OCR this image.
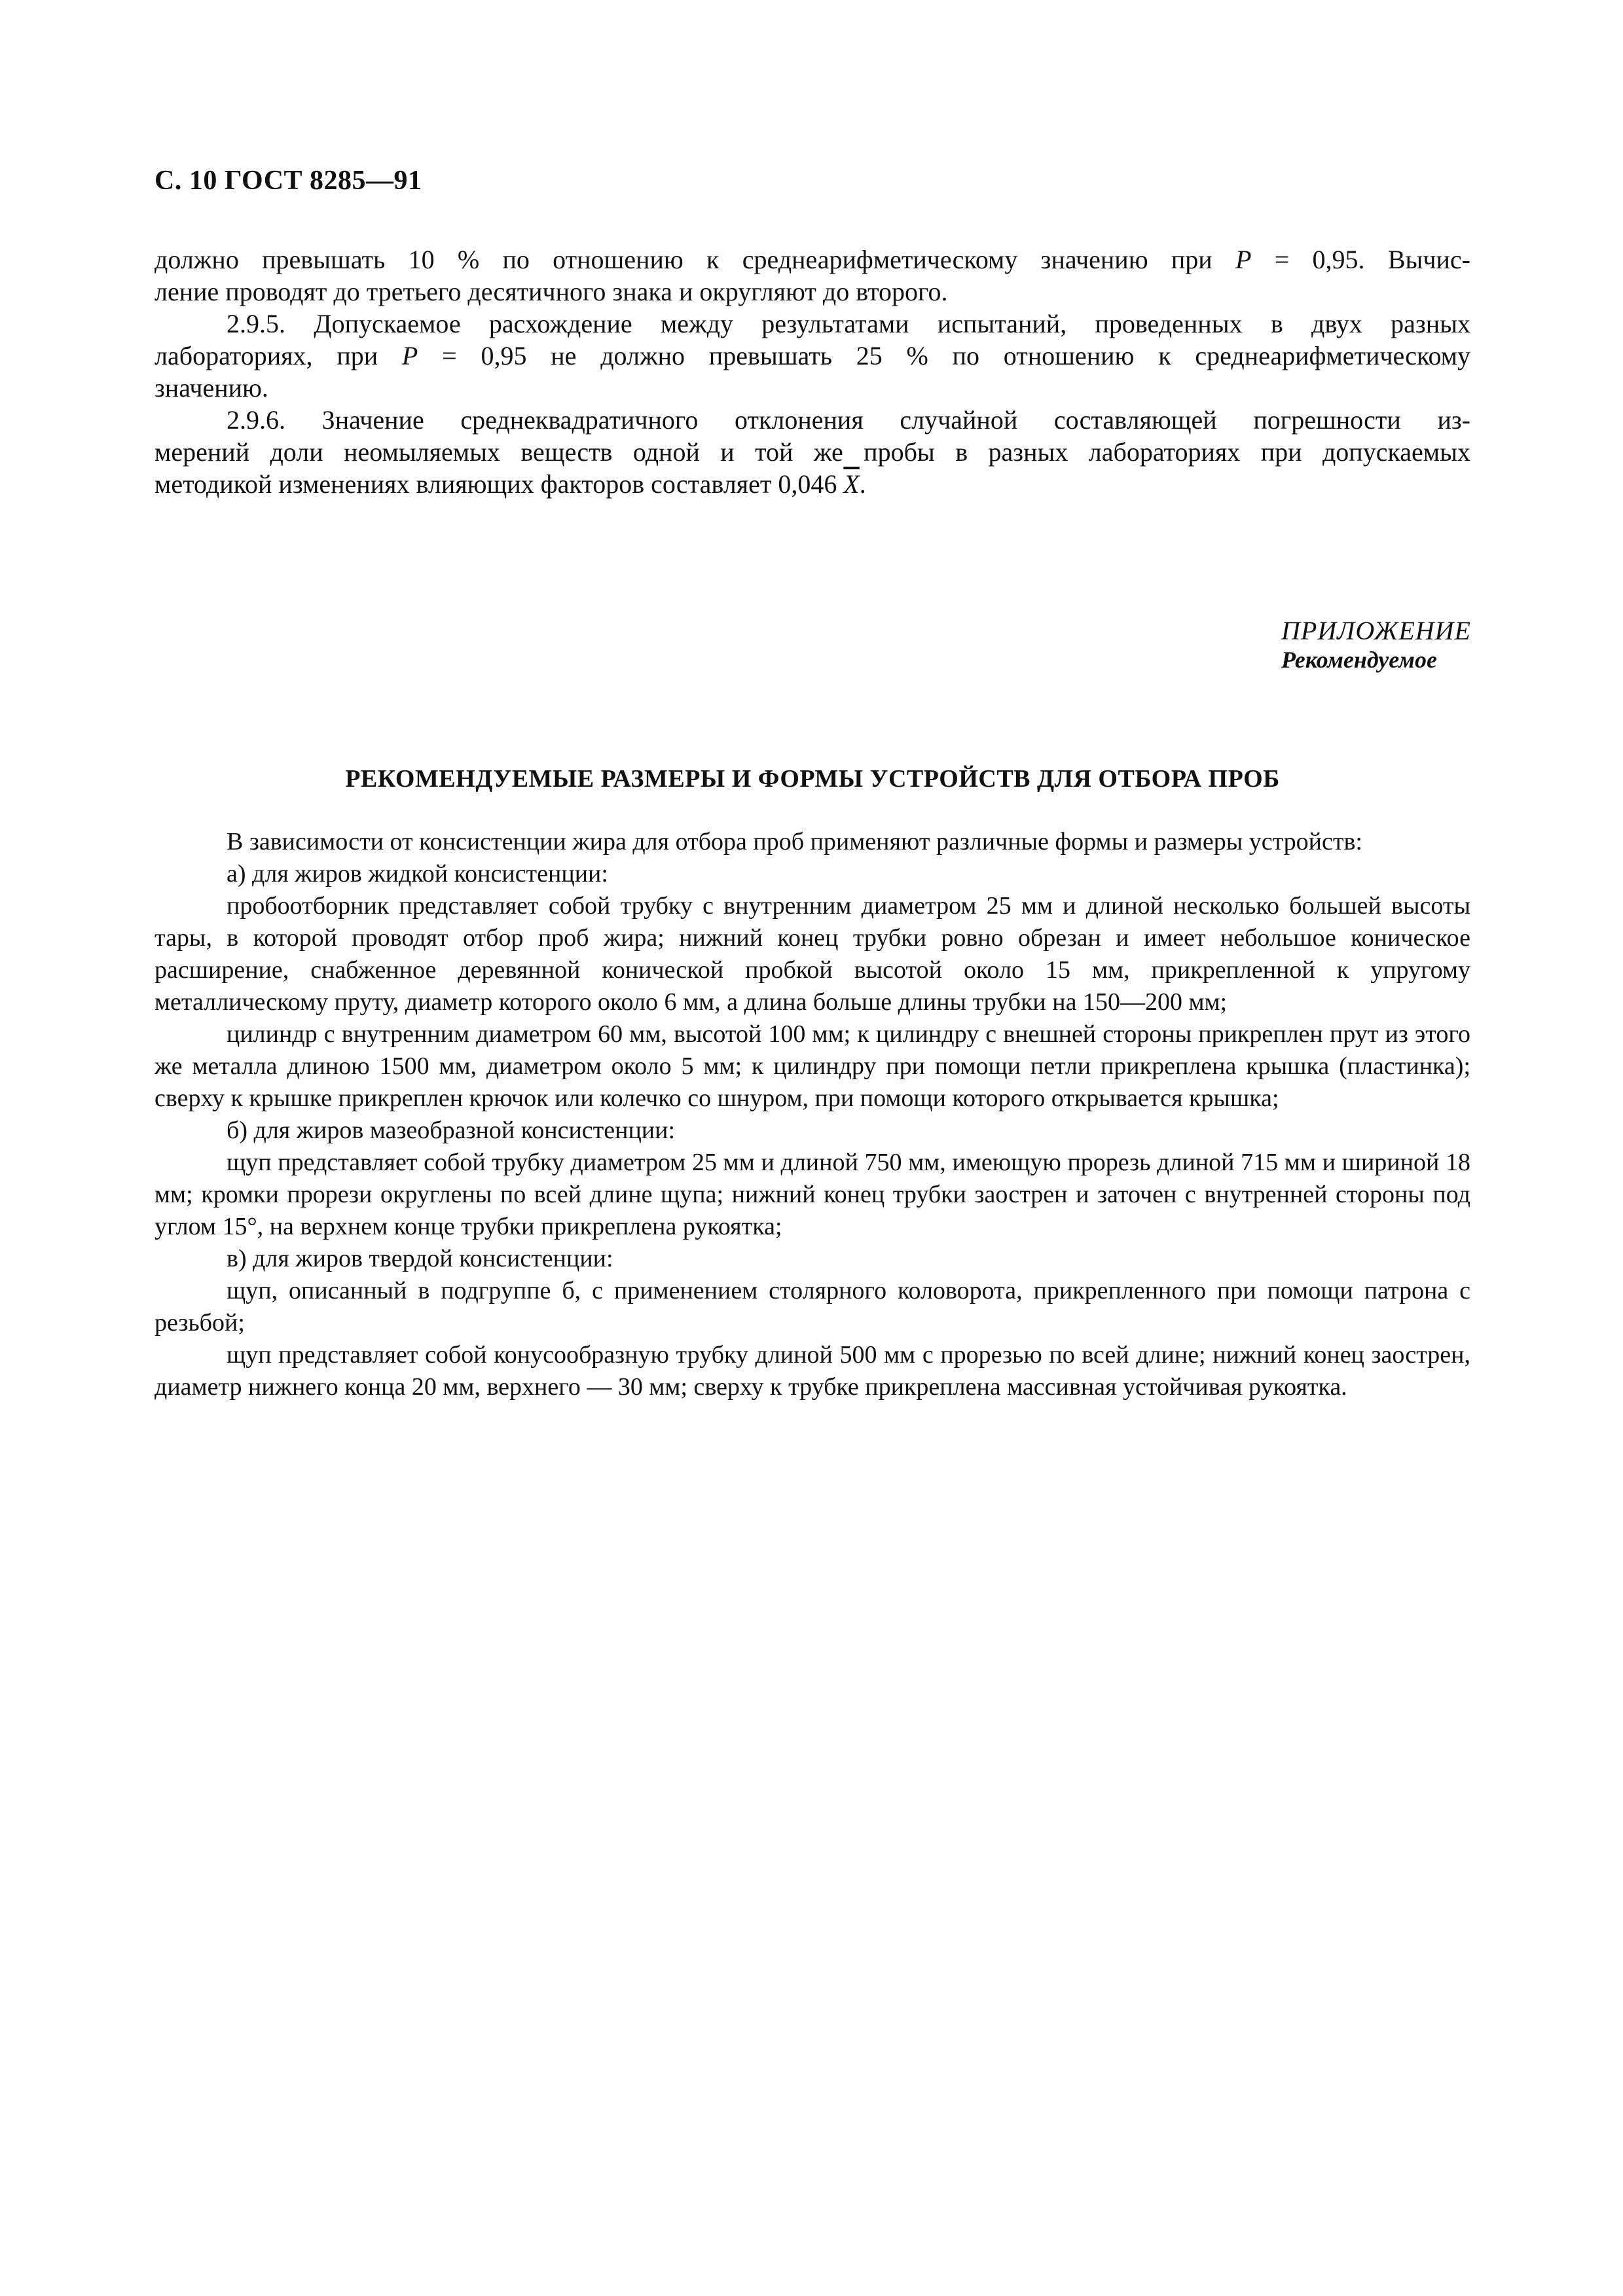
С. 10 ГОСТ 8285—91
должно превышать 10 % по отношению к среднеарифметическому значению при P = 0,95. Вычис-
ление проводят до третьего десятичного знака и округляют до второго.
2.9.5. Допускаемое расхождение между результатами испытаний, проведенных в двух разных
лабораториях, при P = 0,95 не должно превышать 25 % по отношению к среднеарифметическому
значению.
2.9.6. Значение среднеквадратичного отклонения случайной составляющей погрешности из-
мерений доли неомыляемых веществ одной и той же пробы в разных лабораториях при допускаемых
методикой изменениях влияющих факторов составляет 0,046 $\overline{X}$.
ПРИЛОЖЕНИЕ
Рекомендуемое
РЕКОМЕНДУЕМЫЕ РАЗМЕРЫ И ФОРМЫ УСТРОЙСТВ ДЛЯ ОТБОРА ПРОБ
В зависимости от консистенции жира для отбора проб применяют различные формы и размеры устройств:
а) для жиров жидкой консистенции:
пробоотборник представляет собой трубку с внутренним диаметром 25 мм и длиной несколько большей высоты тары, в которой проводят отбор проб жира; нижний конец трубки ровно обрезан и имеет небольшое коническое расширение, снабженное деревянной конической пробкой высотой около 15 мм, прикрепленной к упругому металлическому пруту, диаметр которого около 6 мм, а длина больше длины трубки на 150—200 мм;
цилиндр с внутренним диаметром 60 мм, высотой 100 мм; к цилиндру с внешней стороны прикреплен прут из этого же металла длиною 1500 мм, диаметром около 5 мм; к цилиндру при помощи петли прикреплена крышка (пластинка); сверху к крышке прикреплен крючок или колечко со шнуром, при помощи которого открывается крышка;
б) для жиров мазеобразной консистенции:
щуп представляет собой трубку диаметром 25 мм и длиной 750 мм, имеющую прорезь длиной 715 мм и шириной 18 мм; кромки прорези округлены по всей длине щупа; нижний конец трубки заострен и заточен с внутренней стороны под углом 15°, на верхнем конце трубки прикреплена рукоятка;
в) для жиров твердой консистенции:
щуп, описанный в подгруппе б, с применением столярного коловорота, прикрепленного при помощи патрона с резьбой;
щуп представляет собой конусообразную трубку длиной 500 мм с прорезью по всей длине; нижний конец заострен, диаметр нижнего конца 20 мм, верхнего — 30 мм; сверху к трубке прикреплена массивная устойчивая рукоятка.
